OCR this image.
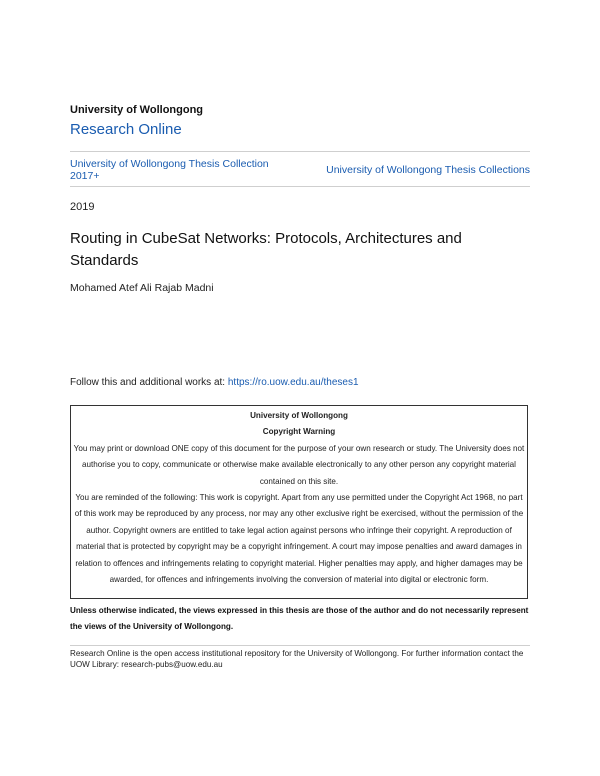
University of Wollongong
Research Online
University of Wollongong Thesis Collection 2017+	University of Wollongong Thesis Collections
2019
Routing in CubeSat Networks: Protocols, Architectures and Standards
Mohamed Atef Ali Rajab Madni
Follow this and additional works at: https://ro.uow.edu.au/theses1

University of Wollongong

Copyright Warning

You may print or download ONE copy of this document for the purpose of your own research or study. The University does not authorise you to copy, communicate or otherwise make available electronically to any other person any copyright material contained on this site.

You are reminded of the following: This work is copyright. Apart from any use permitted under the Copyright Act 1968, no part of this work may be reproduced by any process, nor may any other exclusive right be exercised, without the permission of the author. Copyright owners are entitled to take legal action against persons who infringe their copyright. A reproduction of material that is protected by copyright may be a copyright infringement. A court may impose penalties and award damages in relation to offences and infringements relating to copyright material. Higher penalties may apply, and higher damages may be awarded, for offences and infringements involving the conversion of material into digital or electronic form.

Unless otherwise indicated, the views expressed in this thesis are those of the author and do not necessarily represent the views of the University of Wollongong.
Research Online is the open access institutional repository for the University of Wollongong. For further information contact the UOW Library: research-pubs@uow.edu.au
